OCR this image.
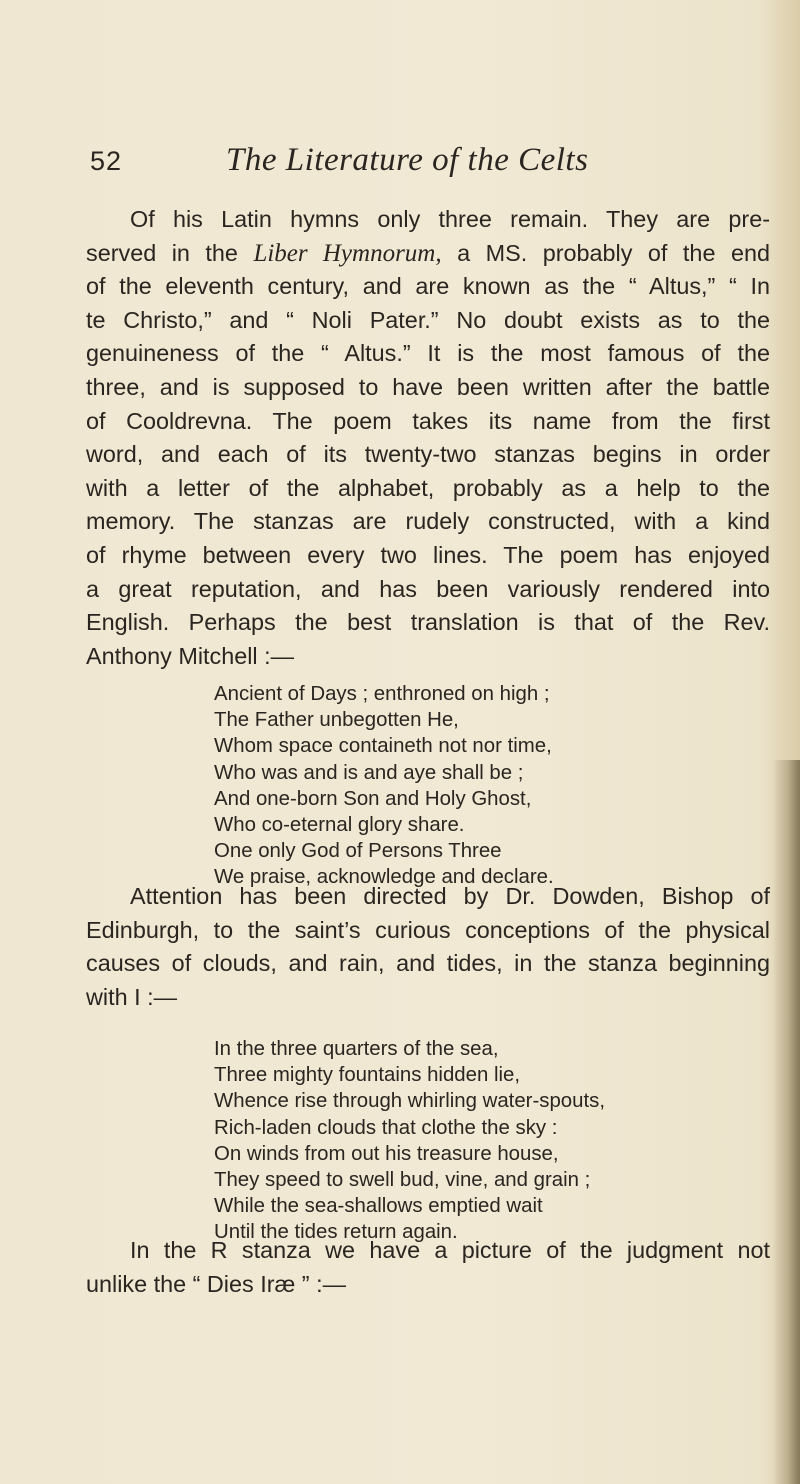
52	The Literature of the Celts

Of his Latin hymns only three remain. They are pre-
served in the Liber Hymnorum, a MS. probably of the end
of the eleventh century, and are known as the “ Altus,” “ In
te Christo,” and “ Noli Pater.” No doubt exists as to the
genuineness of the “ Altus.” It is the most famous of the
three, and is supposed to have been written after the battle
of Cooldrevna. The poem takes its name from the first
word, and each of its twenty-two stanzas begins in order
with a letter of the alphabet, probably as a help to the
memory. The stanzas are rudely constructed, with a kind
of rhyme between every two lines. The poem has enjoyed
a great reputation, and has been variously rendered into
English. Perhaps the best translation is that of the Rev.
Anthony Mitchell :—

Ancient of Days ; enthroned on high ;
The Father unbegotten He,
Whom space containeth not nor time,
Who was and is and aye shall be ;
And one-born Son and Holy Ghost,
Who co-eternal glory share.
One only God of Persons Three
We praise, acknowledge and declare.

Attention has been directed by Dr. Dowden, Bishop of
Edinburgh, to the saint’s curious conceptions of the physical
causes of clouds, and rain, and tides, in the stanza beginning
with I :—

In the three quarters of the sea,
Three mighty fountains hidden lie,
Whence rise through whirling water-spouts,
Rich-laden clouds that clothe the sky :
On winds from out his treasure house,
They speed to swell bud, vine, and grain ;
While the sea-shallows emptied wait
Until the tides return again.

In the R stanza we have a picture of the judgment not
unlike the “ Dies Iræ ” :—
